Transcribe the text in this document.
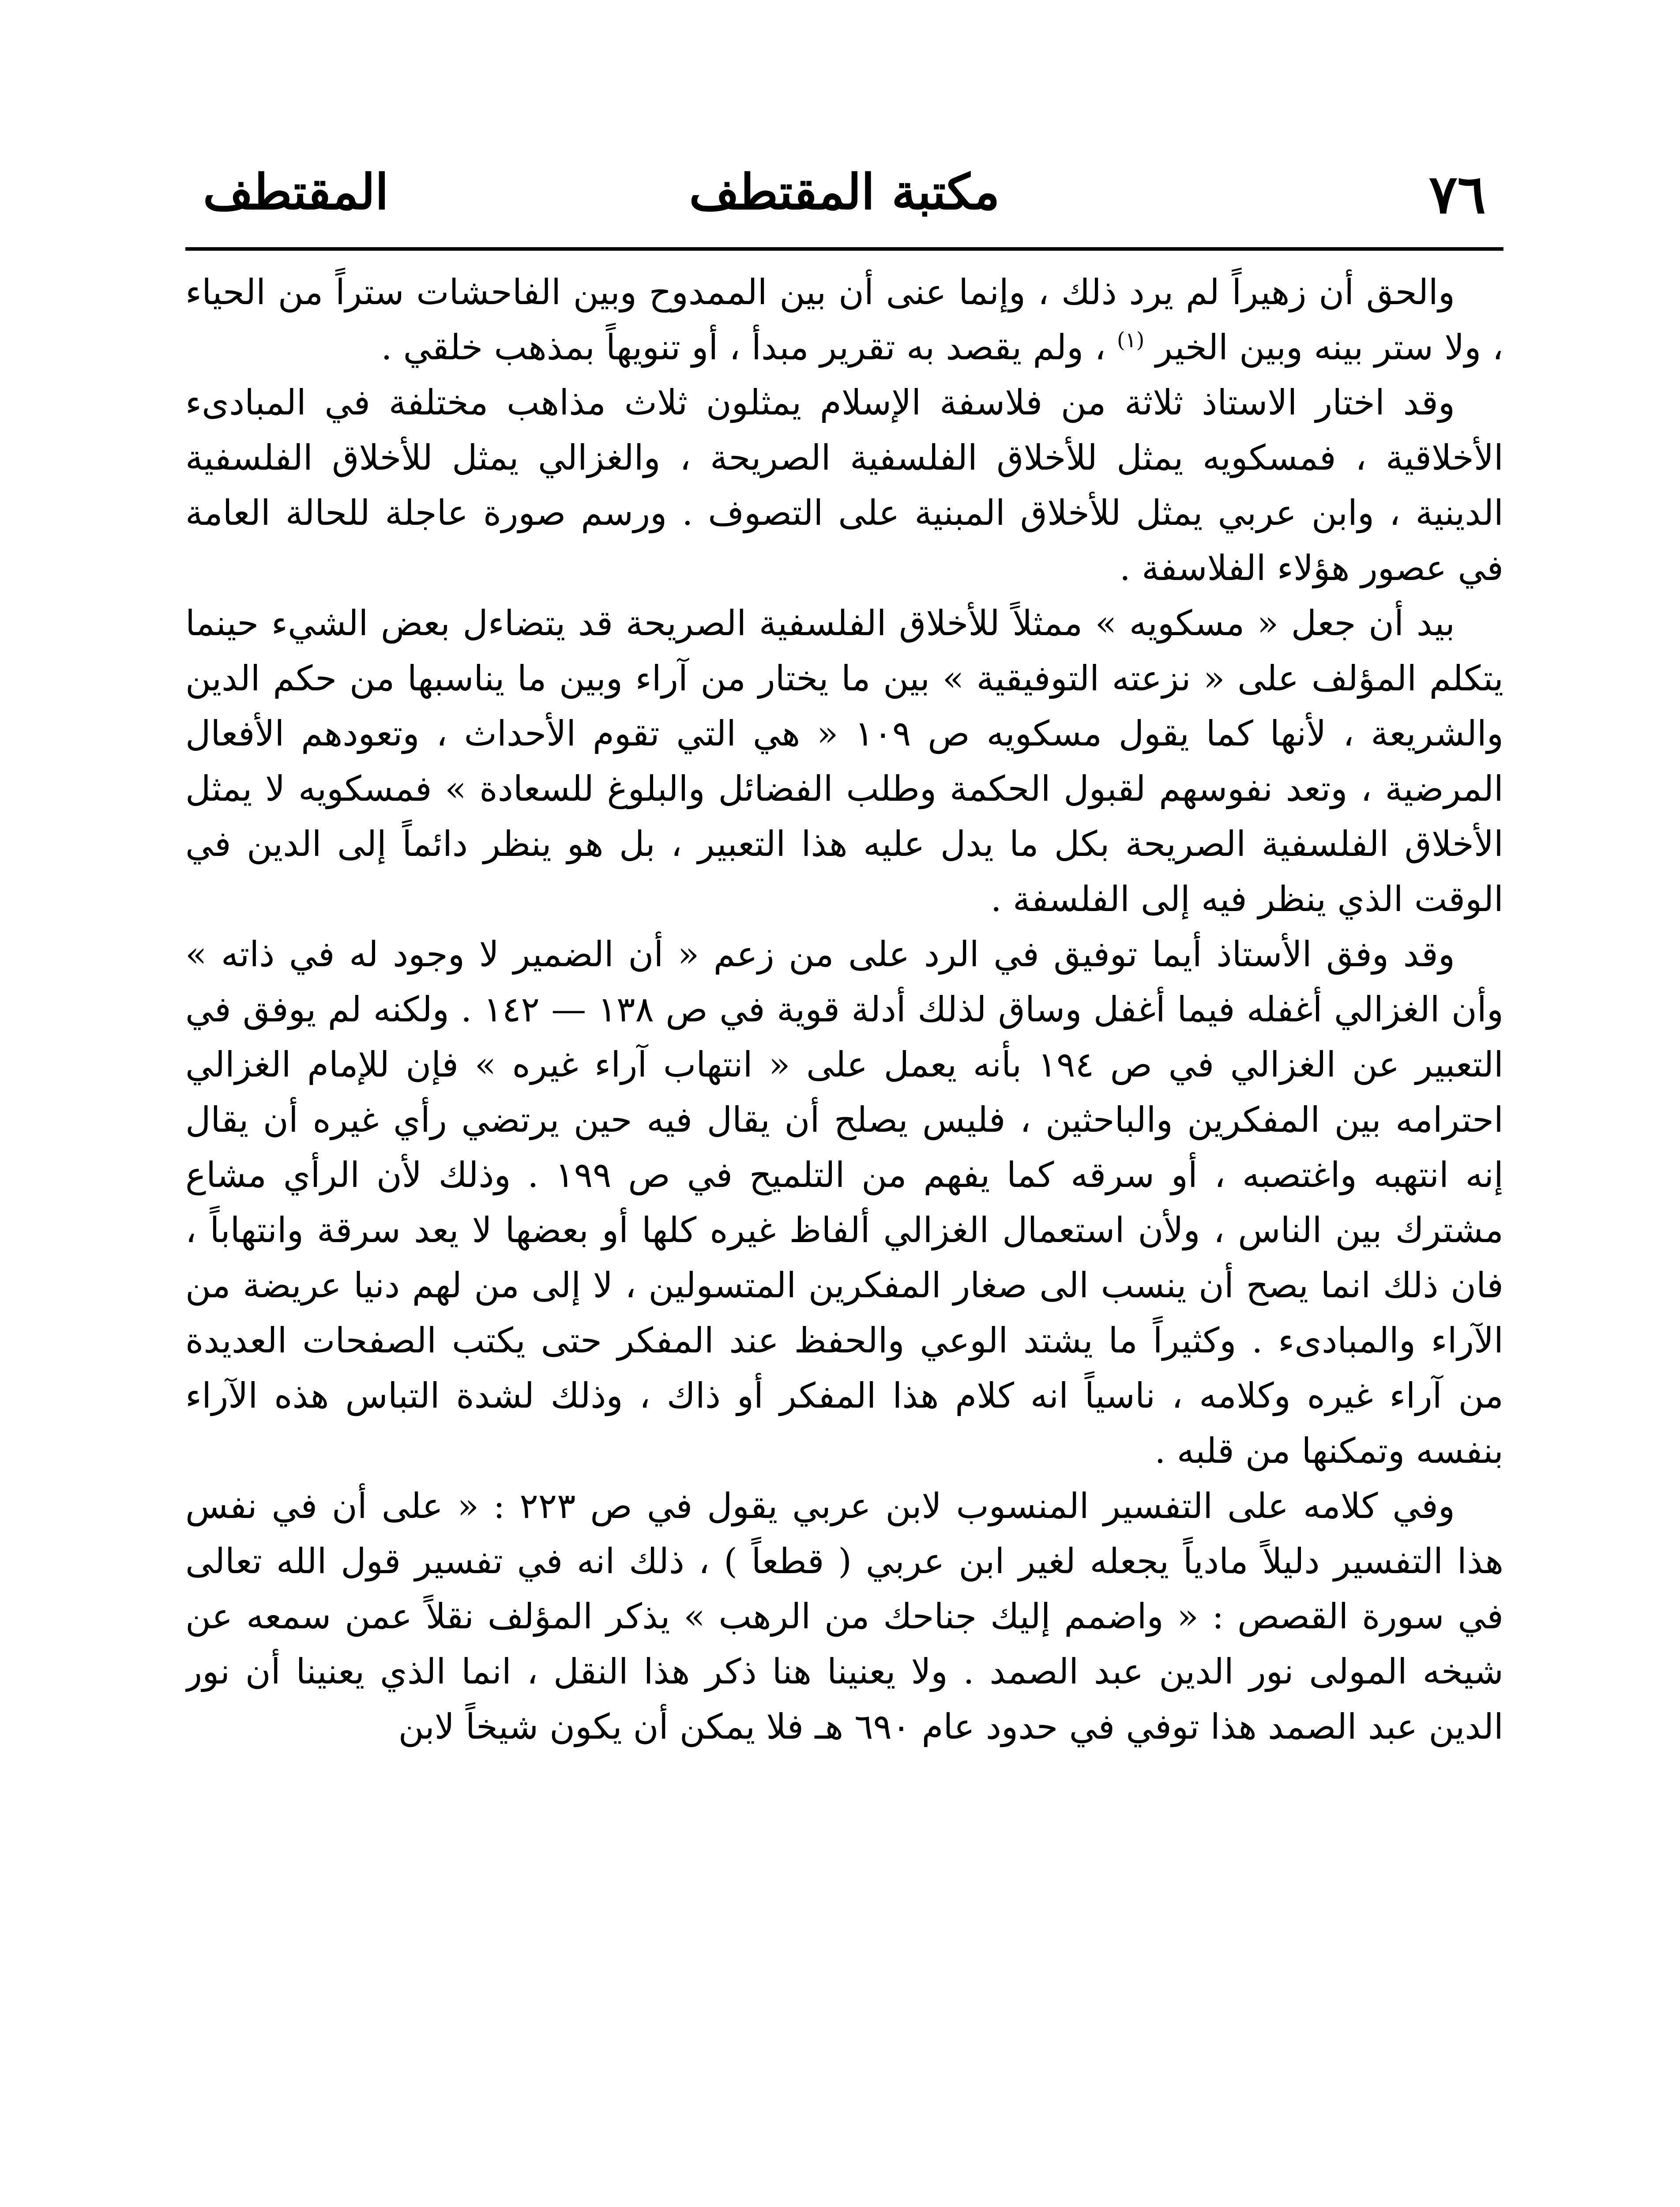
٧٦
مكتبة المقتطف
المقتطف

والحق أن زهيراً لم يرد ذلك ، وإنما عنى أن بين الممدوح وبين الفاحشات ستراً من الحياء ، ولا ستر بينه وبين الخير $^{(١)}$ ، ولم يقصد به تقرير مبدأ ، أو تنويهاً بمذهب خلقي .

وقد اختار الاستاذ ثلاثة من فلاسفة الإسلام يمثلون ثلاث مذاهب مختلفة في المبادىء الأخلاقية ، فمسكويه يمثل للأخلاق الفلسفية الصريحة ، والغزالي يمثل للأخلاق الفلسفية الدينية ، وابن عربي يمثل للأخلاق المبنية على التصوف . ورسم صورة عاجلة للحالة العامة في عصور هؤلاء الفلاسفة .

بيد أن جعل « مسكويه » ممثلاً للأخلاق الفلسفية الصريحة قد يتضاءل بعض الشيء حينما يتكلم المؤلف على « نزعته التوفيقية » بين ما يختار من آراء وبين ما يناسبها من حكم الدين والشريعة ، لأنها كما يقول مسكويه ص ١٠٩ « هي التي تقوم الأحداث ، وتعودهم الأفعال المرضية ، وتعد نفوسهم لقبول الحكمة وطلب الفضائل والبلوغ للسعادة » فمسكويه لا يمثل الأخلاق الفلسفية الصريحة بكل ما يدل عليه هذا التعبير ، بل هو ينظر دائماً إلى الدين في الوقت الذي ينظر فيه إلى الفلسفة .

وقد وفق الأستاذ أيما توفيق في الرد على من زعم « أن الضمير لا وجود له في ذاته » وأن الغزالي أغفله فيما أغفل وساق لذلك أدلة قوية في ص ١٣٨ — ١٤٢ . ولكنه لم يوفق في التعبير عن الغزالي في ص ١٩٤ بأنه يعمل على « انتهاب آراء غيره » فإن للإمام الغزالي احترامه بين المفكرين والباحثين ، فليس يصلح أن يقال فيه حين يرتضي رأي غيره أن يقال إنه انتهبه واغتصبه ، أو سرقه كما يفهم من التلميح في ص ١٩٩ . وذلك لأن الرأي مشاع مشترك بين الناس ، ولأن استعمال الغزالي ألفاظ غيره كلها أو بعضها لا يعد سرقة وانتهاباً ، فان ذلك انما يصح أن ينسب الى صغار المفكرين المتسولين ، لا إلى من لهم دنيا عريضة من الآراء والمبادىء . وكثيراً ما يشتد الوعي والحفظ عند المفكر حتى يكتب الصفحات العديدة من آراء غيره وكلامه ، ناسياً انه كلام هذا المفكر أو ذاك ، وذلك لشدة التباس هذه الآراء بنفسه وتمكنها من قلبه .

وفي كلامه على التفسير المنسوب لابن عربي يقول في ص ٢٢٣ : « على أن في نفس هذا التفسير دليلاً مادياً يجعله لغير ابن عربي ( قطعاً ) ، ذلك انه في تفسير قول الله تعالى في سورة القصص : « واضمم إليك جناحك من الرهب » يذكر المؤلف نقلاً عمن سمعه عن شيخه المولى نور الدين عبد الصمد . ولا يعنينا هنا ذكر هذا النقل ، انما الذي يعنينا أن نور الدين عبد الصمد هذا توفي في حدود عام ٦٩٠ هـ فلا يمكن أن يكون شيخاً لابن
